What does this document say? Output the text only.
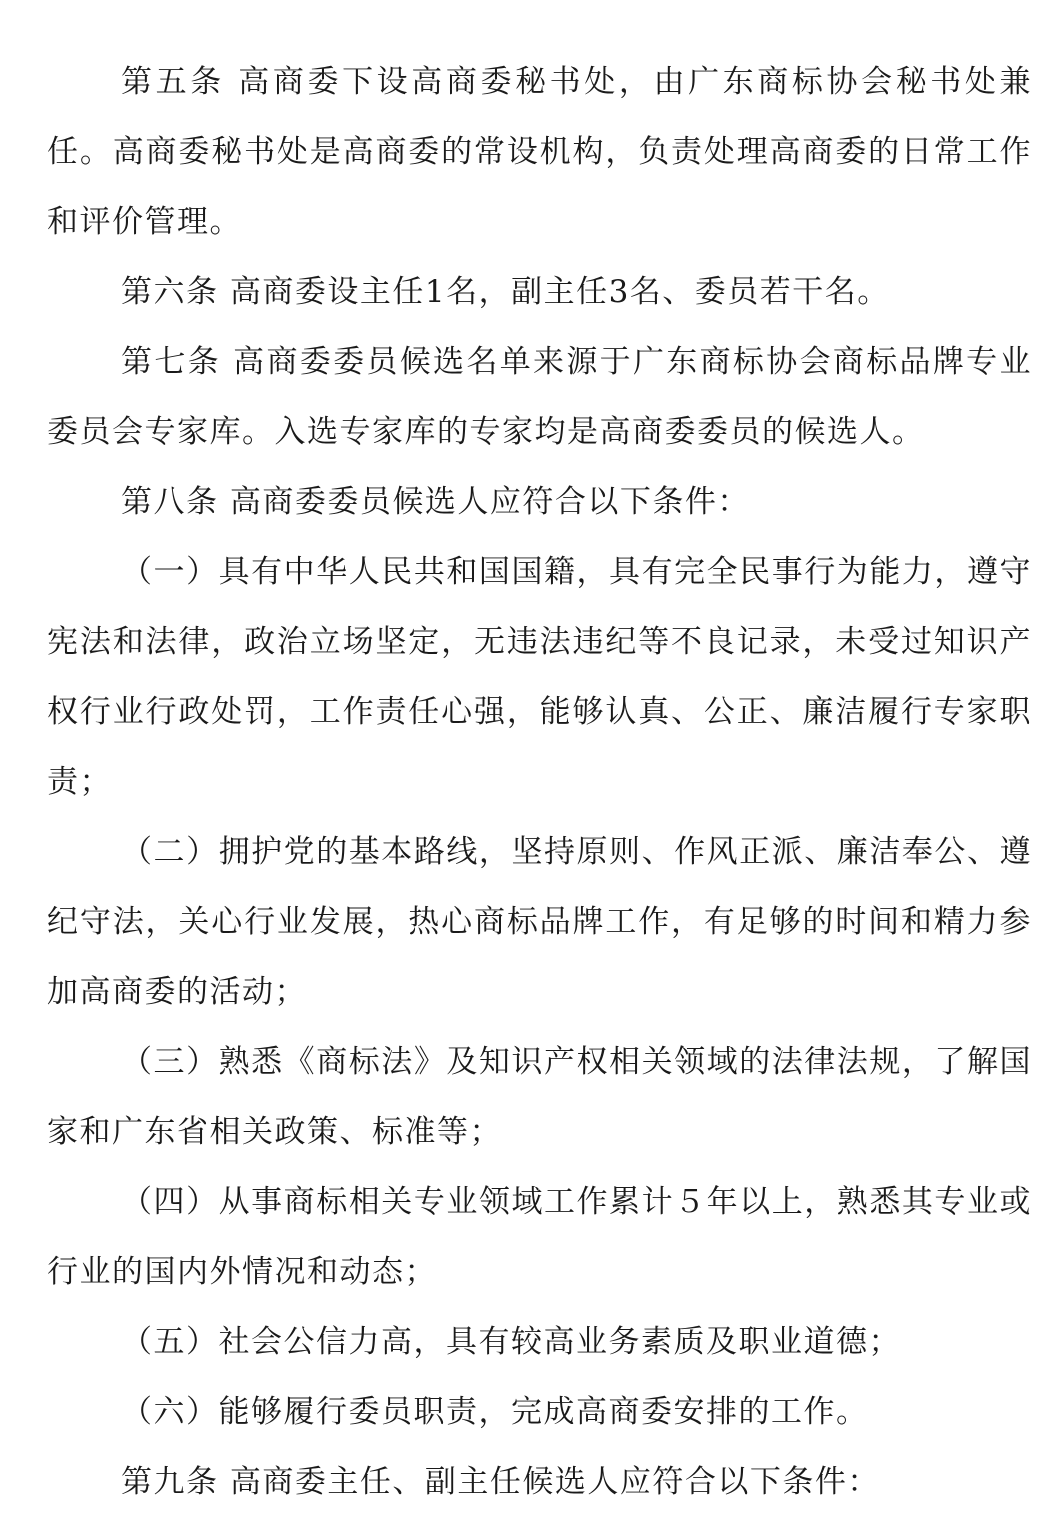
第五条 高商委下设高商委秘书处，由广东商标协会秘书处兼任。高商委秘书处是高商委的常设机构，负责处理高商委的日常工作和评价管理。

第六条 高商委设主任1名，副主任3名、委员若干名。

第七条 高商委委员候选名单来源于广东商标协会商标品牌专业委员会专家库。入选专家库的专家均是高商委委员的候选人。

第八条 高商委委员候选人应符合以下条件：

（一）具有中华人民共和国国籍，具有完全民事行为能力，遵守宪法和法律，政治立场坚定，无违法违纪等不良记录，未受过知识产权行业行政处罚，工作责任心强，能够认真、公正、廉洁履行专家职责；

（二）拥护党的基本路线，坚持原则、作风正派、廉洁奉公、遵纪守法，关心行业发展，热心商标品牌工作，有足够的时间和精力参加高商委的活动；

（三）熟悉《商标法》及知识产权相关领域的法律法规，了解国家和广东省相关政策、标准等；

（四）从事商标相关专业领域工作累计５年以上，熟悉其专业或行业的国内外情况和动态；

（五）社会公信力高，具有较高业务素质及职业道德；

（六）能够履行委员职责，完成高商委安排的工作。

第九条 高商委主任、副主任候选人应符合以下条件：
